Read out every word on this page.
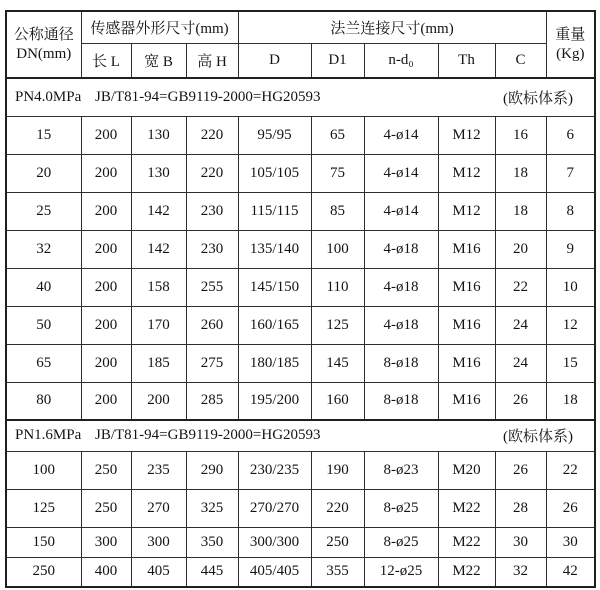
公称通径
DN(mm)
	传感器外形尺寸(mm)	法兰连接尺寸(mm)	重量
(Kg)

	长 L	宽 B	高 H	D	D1	n-d₀	Th	C	

PN4.0MPa JB/T81-94=GB9119-2000=HG20593 (欧标体系)									

15	200	130	220	95/95	65	4-ø14	M12	16	6
20	200	130	220	105/105	75	4-ø14	M12	18	7
25	200	142	230	115/115	85	4-ø14	M12	18	8
32	200	142	230	135/140	100	4-ø18	M16	20	9
40	200	158	255	145/150	110	4-ø18	M16	22	10
50	200	170	260	160/165	125	4-ø18	M16	24	12
65	200	185	275	180/185	145	8-ø18	M16	24	15
80	200	200	285	195/200	160	8-ø18	M16	26	18

PN1.6MPa JB/T81-94=GB9119-2000=HG20593 (欧标体系)									

100	250	235	290	230/235	190	8-ø23	M20	26	22
125	250	270	325	270/270	220	8-ø25	M22	28	26
150	300	300	350	300/300	250	8-ø25	M22	30	30
250	400	405	445	405/405	355	12-ø25	M22	32	42
